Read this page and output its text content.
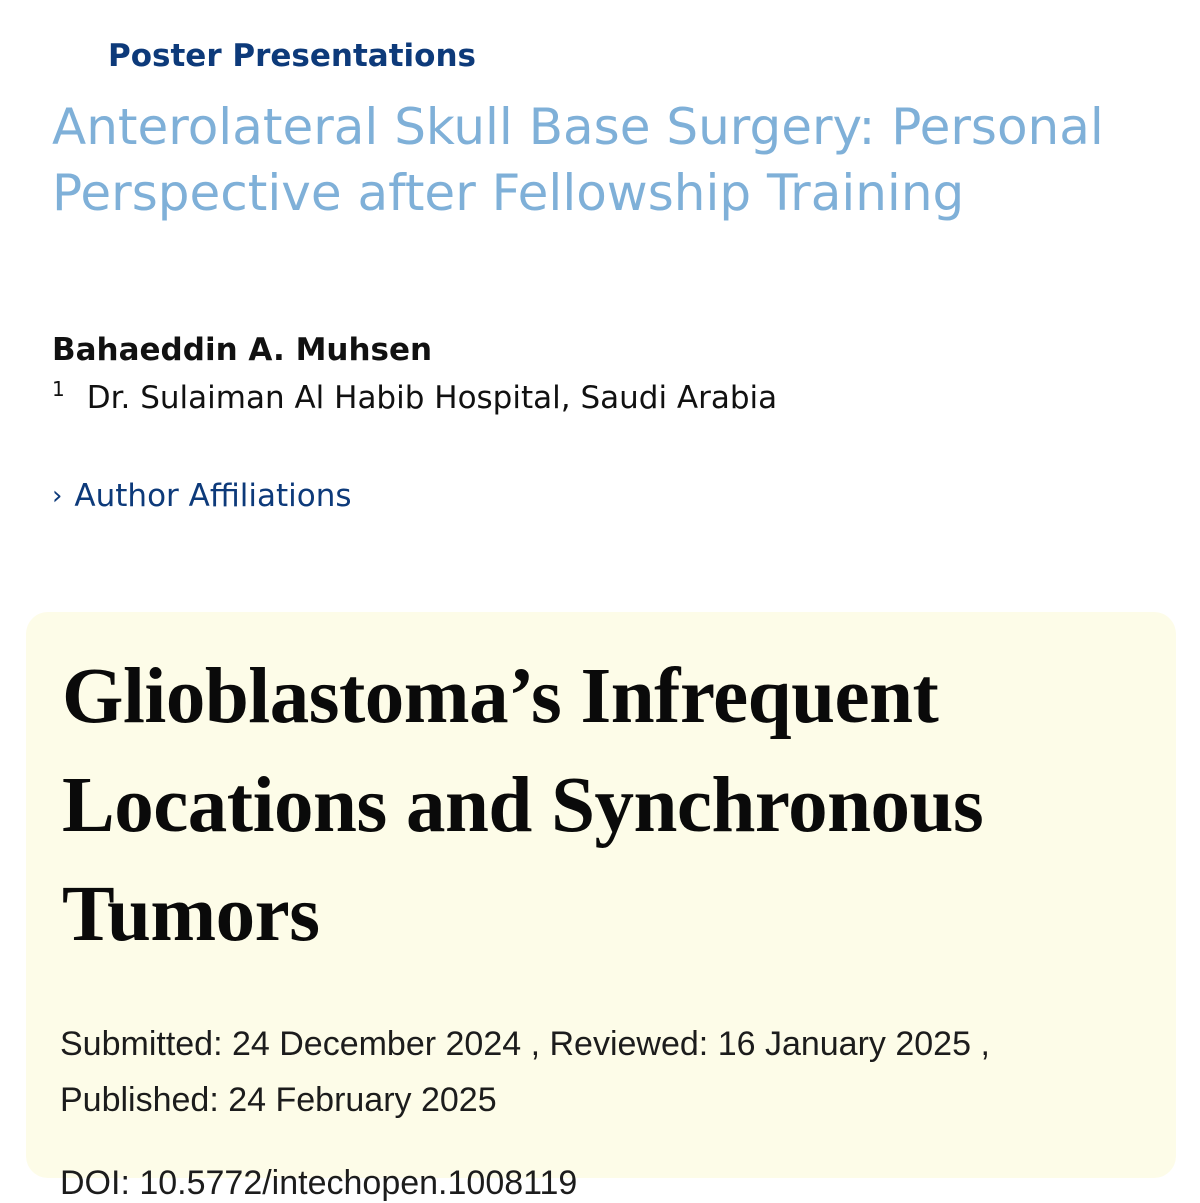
Poster Presentations
Anterolateral Skull Base Surgery: Personal Perspective after Fellowship Training
Bahaeddin A. Muhsen
$^1$ Dr. Sulaiman Al Habib Hospital, Saudi Arabia
› Author Affiliations
Glioblastoma’s Infrequent Locations and Synchronous Tumors
Submitted: 24 December 2024 , Reviewed: 16 January 2025 , Published: 24 February 2025
DOI: 10.5772/intechopen.1008119
